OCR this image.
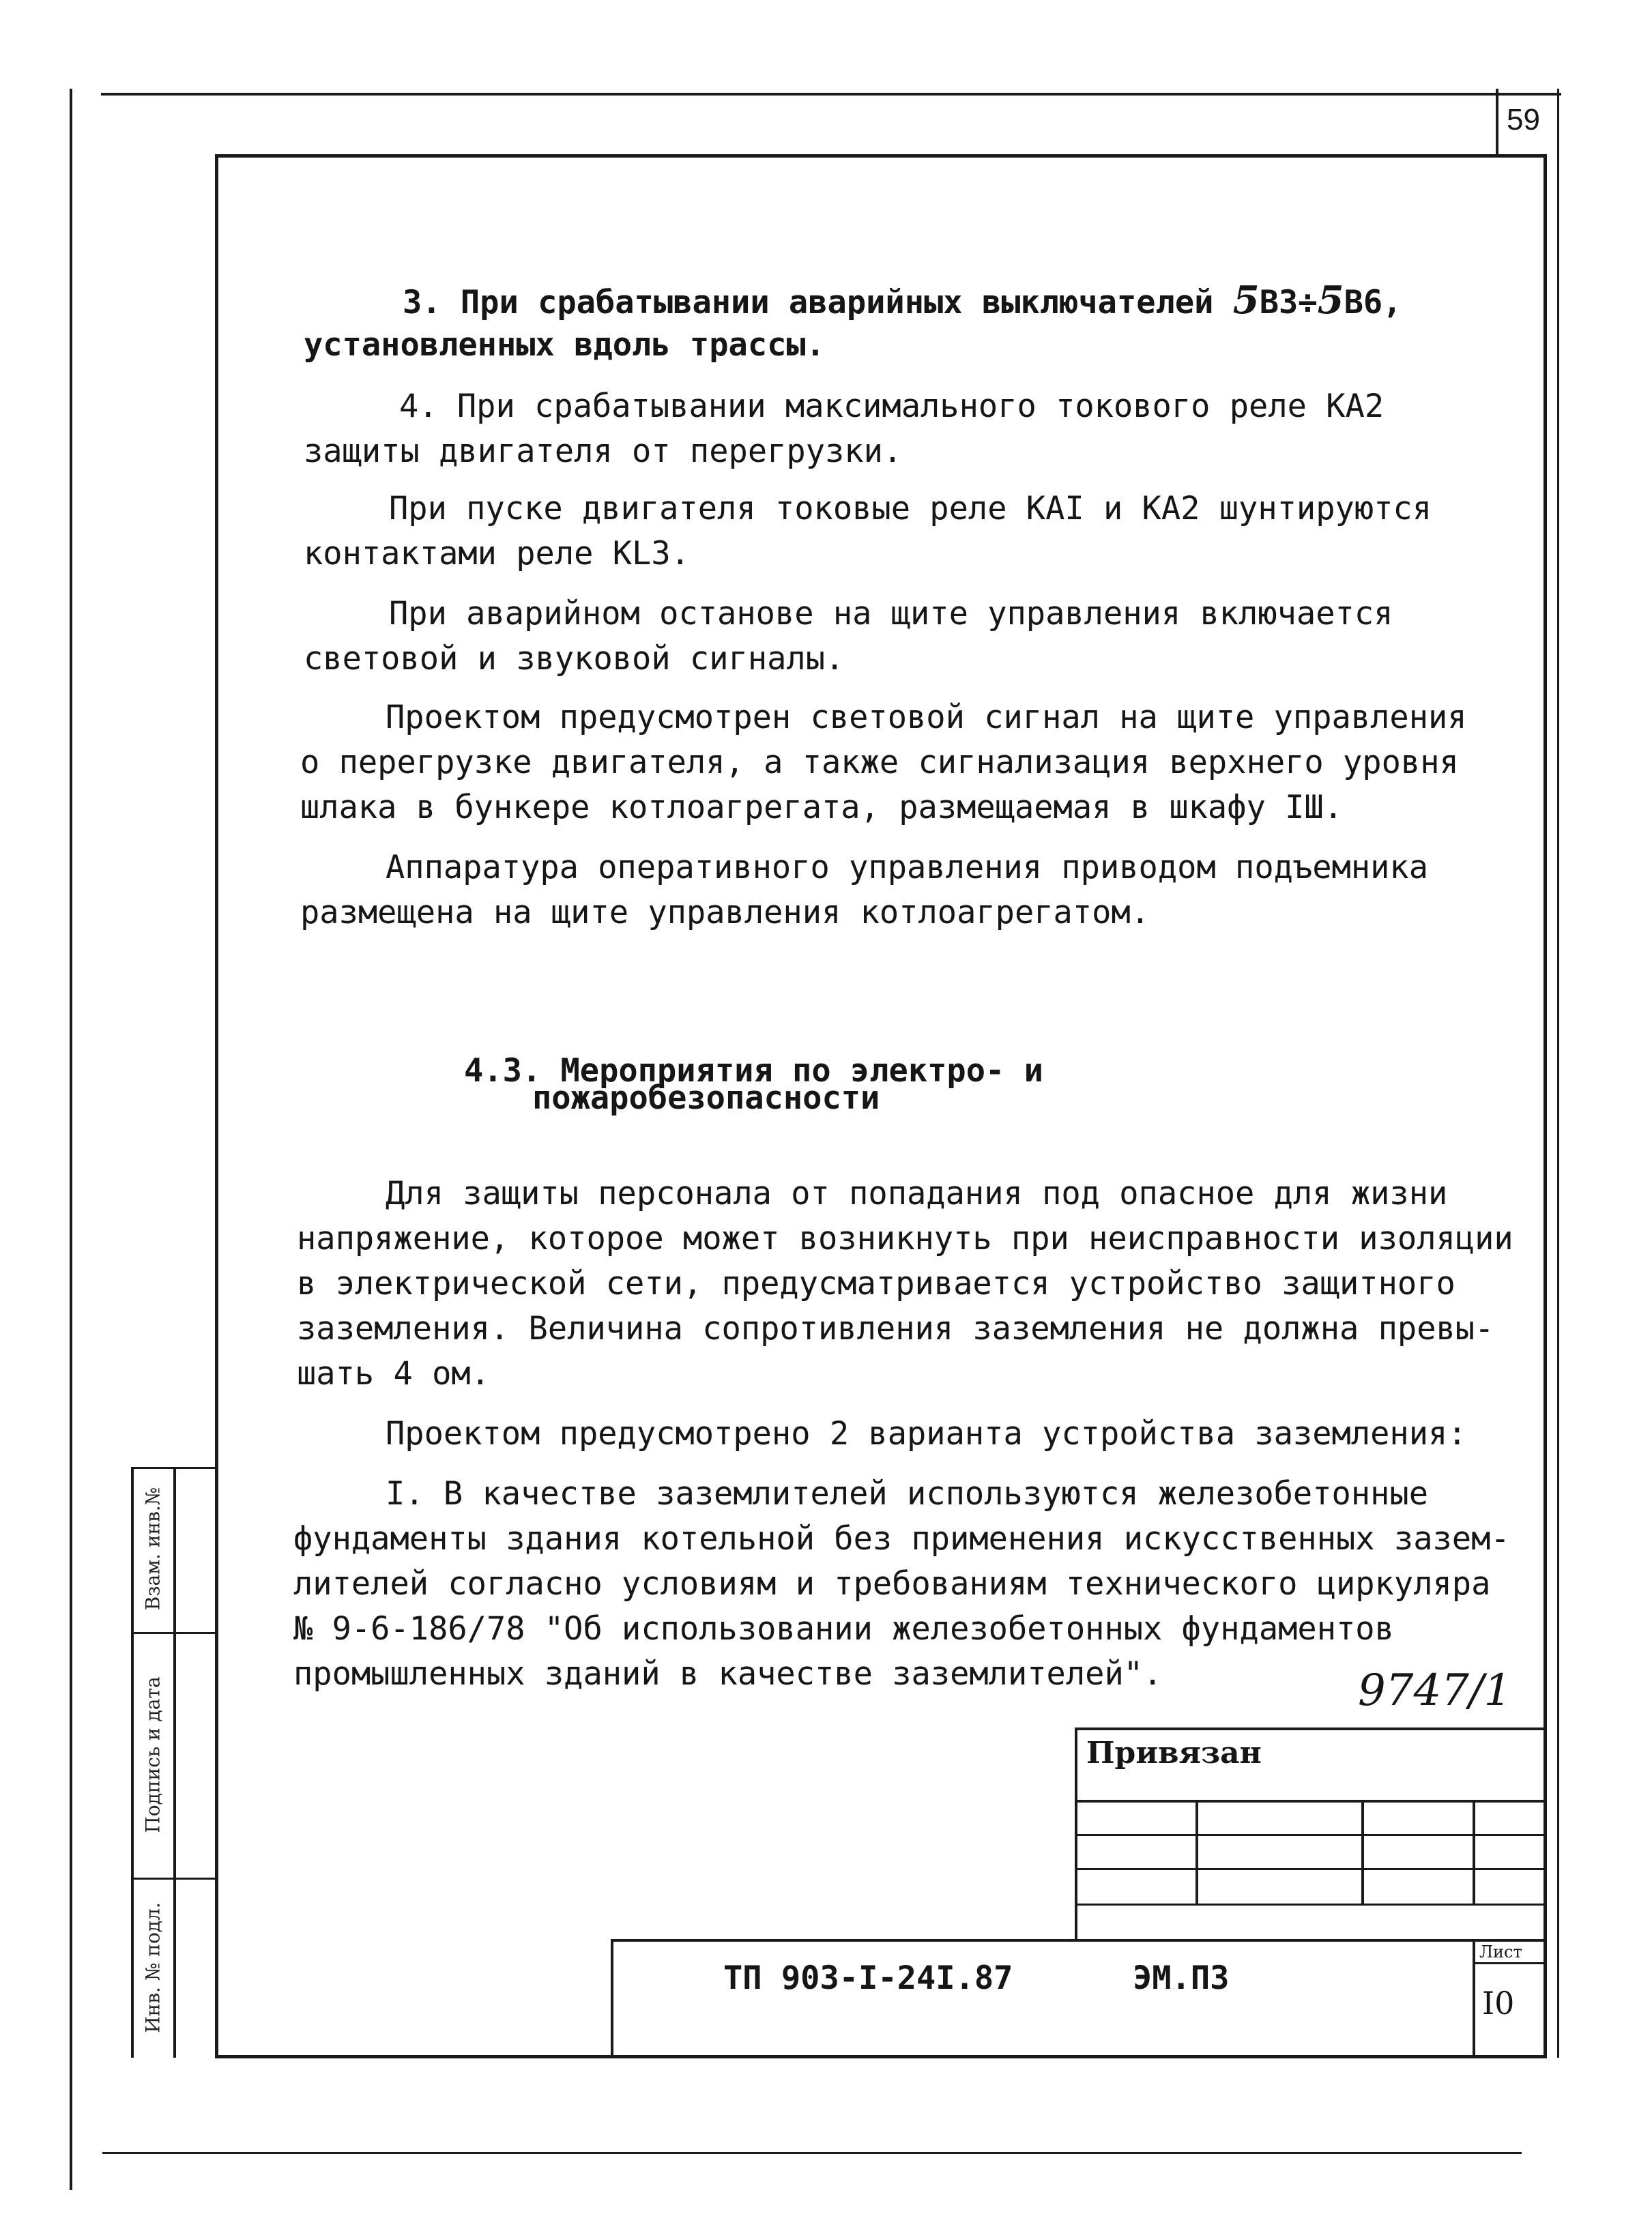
59
Взам. инв.№
Подпись и дата
Инв. № подл.
3. При срабатывании аварийных выключателей 5В3÷5В6,
установленных вдоль трассы.
4. При срабатывании максимального токового реле КА2
защиты двигателя от перегрузки.
При пуске двигателя токовые реле КАI и КА2 шунтируются
контактами реле KL3.
При аварийном останове на щите управления включается
световой и звуковой сигналы.
Проектом предусмотрен световой сигнал на щите управления
о перегрузке двигателя, а также сигнализация верхнего уровня
шлака в бункере котлоагрегата, размещаемая в шкафу IШ.
Аппаратура оперативного управления приводом подъемника
размещена на щите управления котлоагрегатом.
4.3. Мероприятия по электро- и
пожаробезопасности
Для защиты персонала от попадания под опасное для жизни
напряжение, которое может возникнуть при неисправности изоляции
в электрической сети, предусматривается устройство защитного
заземления. Величина сопротивления заземления не должна превы-
шать 4 ом.
Проектом предусмотрено 2 варианта устройства заземления:
I. В качестве заземлителей используются железобетонные
фундаменты здания котельной без применения искусственных зазем-
лителей согласно условиям и требованиям технического циркуляра
№ 9-6-186/78 "Об использовании железобетонных фундаментов
промышленных зданий в качестве заземлителей".	9747/1
Привязан
ТП 903-I-24I.87	ЭМ.ПЗ
Лист
I0
